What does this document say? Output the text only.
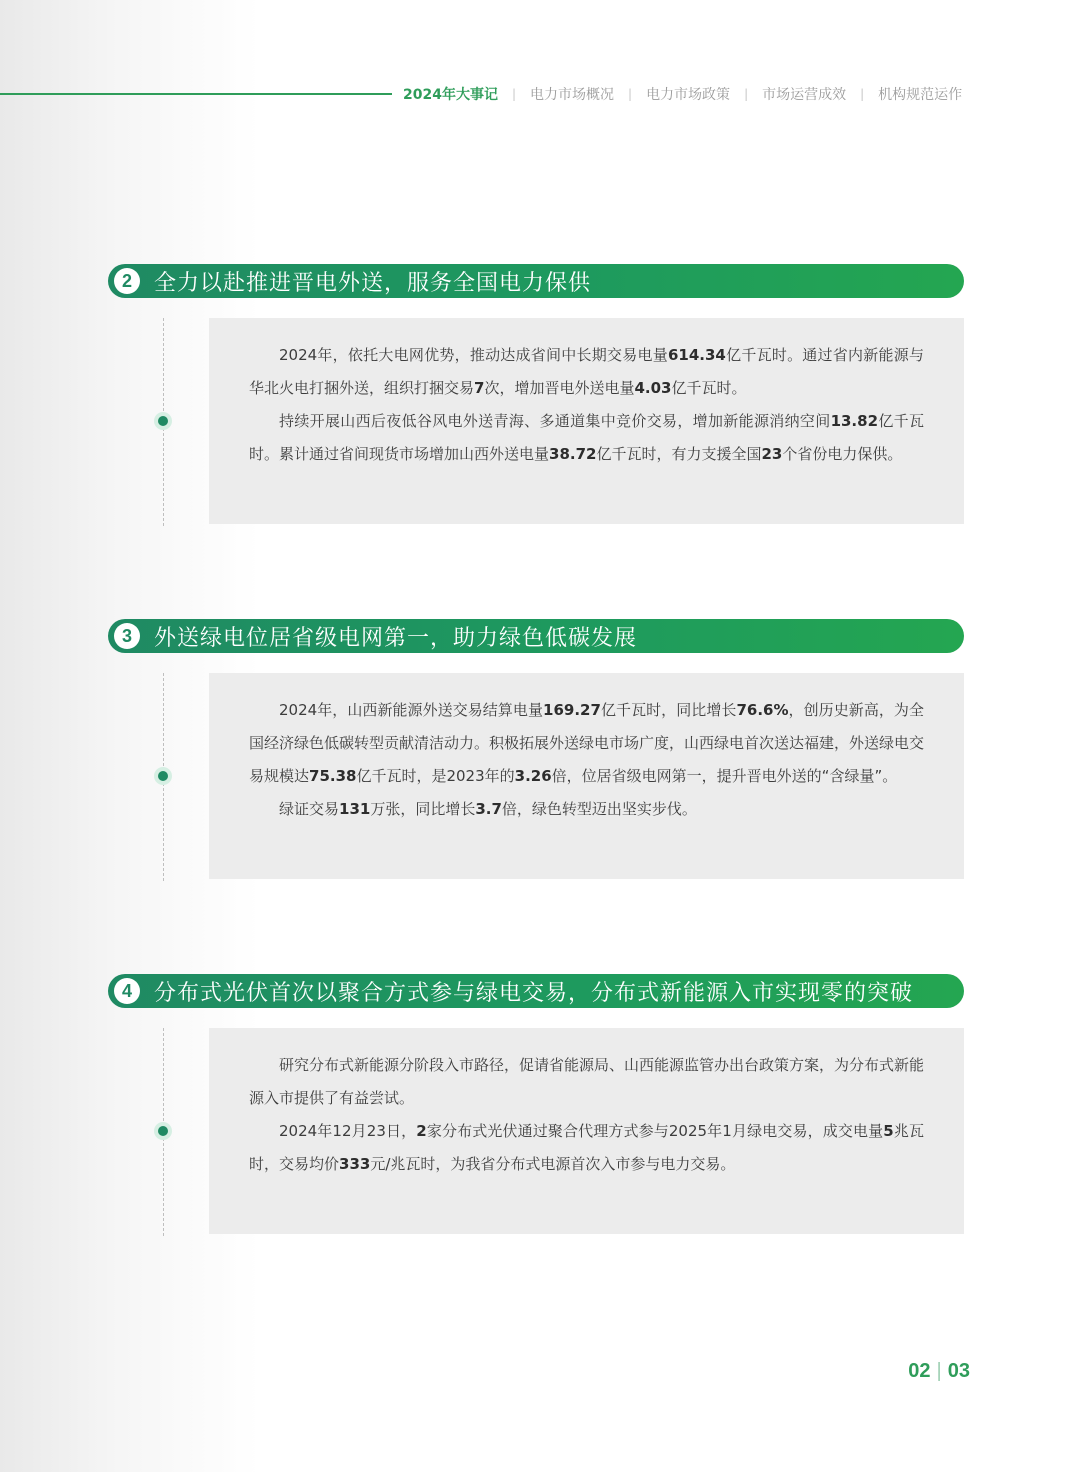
2024年大事记 | 电力市场概况 | 电力市场政策 | 市场运营成效 | 机构规范运作
2	全力以赴推进晋电外送，服务全国电力保供

2024年，依托大电网优势，推动达成省间中长期交易电量614.34亿千瓦时。通过省内新能源与华北火电打捆外送，组织打捆交易7次，增加晋电外送电量4.03亿千瓦时。

持续开展山西后夜低谷风电外送青海、多通道集中竞价交易，增加新能源消纳空间13.82亿千瓦时。累计通过省间现货市场增加山西外送电量38.72亿千瓦时，有力支援全国23个省份电力保供。

3	外送绿电位居省级电网第一，助力绿色低碳发展

2024年，山西新能源外送交易结算电量169.27亿千瓦时，同比增长76.6%，创历史新高，为全国经济绿色低碳转型贡献清洁动力。积极拓展外送绿电市场广度，山西绿电首次送达福建，外送绿电交易规模达75.38亿千瓦时，是2023年的3.26倍，位居省级电网第一，提升晋电外送的“含绿量”。

绿证交易131万张，同比增长3.7倍，绿色转型迈出坚实步伐。

4	分布式光伏首次以聚合方式参与绿电交易，分布式新能源入市实现零的突破

研究分布式新能源分阶段入市路径，促请省能源局、山西能源监管办出台政策方案，为分布式新能源入市提供了有益尝试。

2024年12月23日，2家分布式光伏通过聚合代理方式参与2025年1月绿电交易，成交电量5兆瓦时，交易均价333元/兆瓦时，为我省分布式电源首次入市参与电力交易。

02 | 03
